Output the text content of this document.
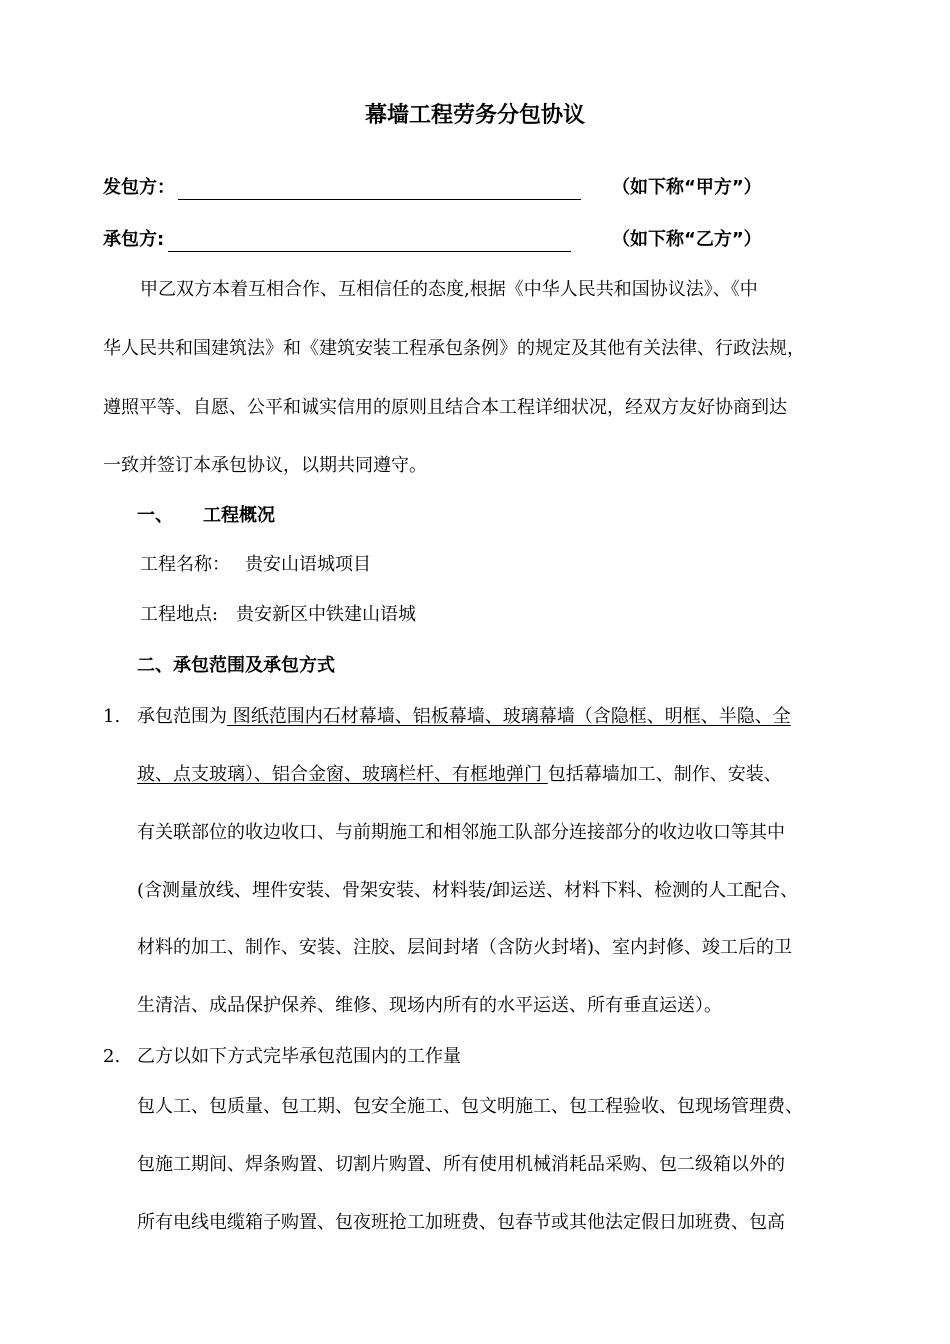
幕墙工程劳务分包协议
发包方：	（如下称“甲方”）
承包方:	（如下称“乙方”）
甲乙双方本着互相合作、互相信任的态度,根据《中华人民共和国协议法》、《中
华人民共和国建筑法》和《建筑安装工程承包条例》的规定及其他有关法律、行政法规，
遵照平等、自愿、公平和诚实信用的原则且结合本工程详细状况，经双方友好协商到达
一致并签订本承包协议，以期共同遵守。
一、 工程概况
工程名称： 贵安山语城项目
工程地点: 贵安新区中铁建山语城
二、承包范围及承包方式
1. 承包范围为 图纸范围内石材幕墙、铝板幕墙、玻璃幕墙（含隐框、明框、半隐、全
玻、点支玻璃）、铝合金窗、玻璃栏杆、有框地弹门 包括幕墙加工、制作、安装、
有关联部位的收边收口、与前期施工和相邻施工队部分连接部分的收边收口等其中
(含测量放线、埋件安装、骨架安装、材料装/卸运送、材料下料、检测的人工配合、
材料的加工、制作、安装、注胶、层间封堵（含防火封堵)、室内封修、竣工后的卫
生清洁、成品保护保养、维修、现场内所有的水平运送、所有垂直运送）。
2. 乙方以如下方式完毕承包范围内的工作量
包人工、包质量、包工期、包安全施工、包文明施工、包工程验收、包现场管理费、
包施工期间、焊条购置、切割片购置、所有使用机械消耗品采购、包二级箱以外的
所有电线电缆箱子购置、包夜班抢工加班费、包春节或其他法定假日加班费、包高
